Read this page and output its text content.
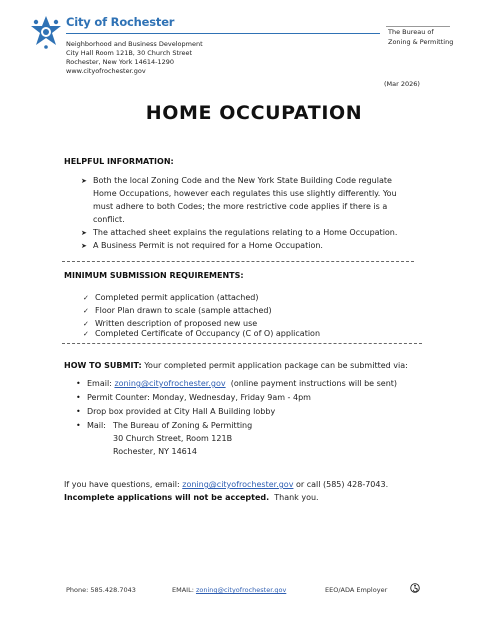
City of Rochester
Neighborhood and Business Development
City Hall Room 121B, 30 Church Street
Rochester, New York 14614-1290
www.cityofrochester.gov
The Bureau of
Zoning & Permitting
(Mar 2026)
HOME OCCUPATION
HELPFUL INFORMATION:
➤ Both the local Zoning Code and the New York State Building Code regulate
Home Occupations, however each regulates this use slightly differently. You
must adhere to both Codes; the more restrictive code applies if there is a
conflict.
➤ The attached sheet explains the regulations relating to a Home Occupation.
➤ A Business Permit is not required for a Home Occupation.
MINIMUM SUBMISSION REQUIREMENTS:
✓ Completed permit application (attached)
✓ Floor Plan drawn to scale (sample attached)
✓ Written description of proposed new use
✓ Completed Certificate of Occupancy (C of O) application
HOW TO SUBMIT: Your completed permit application package can be submitted via:
• Email: zoning@cityofrochester.gov (online payment instructions will be sent)
• Permit Counter: Monday, Wednesday, Friday 9am - 4pm
• Drop box provided at City Hall A Building lobby
• Mail: The Bureau of Zoning & Permitting
30 Church Street, Room 121B
Rochester, NY 14614
If you have questions, email: zoning@cityofrochester.gov or call (585) 428-7043.
Incomplete applications will not be accepted. Thank you.
Phone: 585.428.7043	EMAIL: zoning@cityofrochester.gov	EEO/ADA Employer
